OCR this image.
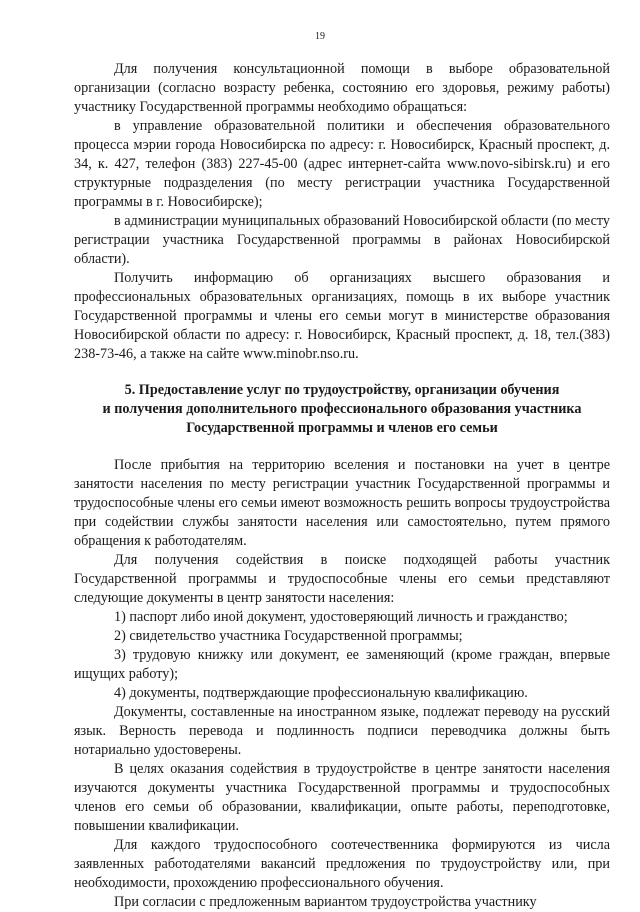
19

Для получения консультационной помощи в выборе образовательной организации (согласно возрасту ребенка, состоянию его здоровья, режиму работы) участнику Государственной программы необходимо обращаться:

в управление образовательной политики и обеспечения образовательного процесса мэрии города Новосибирска по адресу: г. Новосибирск, Красный проспект, д. 34, к. 427, телефон (383) 227-45-00 (адрес интернет-сайта www.novo-sibirsk.ru) и его структурные подразделения (по месту регистрации участника Государственной программы в г. Новосибирске);

в администрации муниципальных образований Новосибирской области (по месту регистрации участника Государственной программы в районах Новосибирской области).

Получить информацию об организациях высшего образования и профессиональных образовательных организациях, помощь в их выборе участник Государственной программы и члены его семьи могут в министерстве образования Новосибирской области по адресу: г. Новосибирск, Красный проспект, д. 18, тел.(383) 238-73-46, а также на сайте www.minobr.nso.ru.

5. Предоставление услуг по трудоустройству, организации обучения
и получения дополнительного профессионального образования участника
Государственной программы и членов его семьи

После прибытия на территорию вселения и постановки на учет в центре занятости населения по месту регистрации участник Государственной программы и трудоспособные члены его семьи имеют возможность решить вопросы трудоустройства при содействии службы занятости населения или самостоятельно, путем прямого обращения к работодателям.

Для получения содействия в поиске подходящей работы участник Государственной программы и трудоспособные члены его семьи представляют следующие документы в центр занятости населения:

1) паспорт либо иной документ, удостоверяющий личность и гражданство;

2) свидетельство участника Государственной программы;

3) трудовую книжку или документ, ее заменяющий (кроме граждан, впервые ищущих работу);

4) документы, подтверждающие профессиональную квалификацию.

Документы, составленные на иностранном языке, подлежат переводу на русский язык. Верность перевода и подлинность подписи переводчика должны быть нотариально удостоверены.

В целях оказания содействия в трудоустройстве в центре занятости населения изучаются документы участника Государственной программы и трудоспособных членов его семьи об образовании, квалификации, опыте работы, переподготовке, повышении квалификации.

Для каждого трудоспособного соотечественника формируются из числа заявленных работодателями вакансий предложения по трудоустройству или, при необходимости, прохождению профессионального обучения.

При согласии с предложенным вариантом трудоустройства участнику
